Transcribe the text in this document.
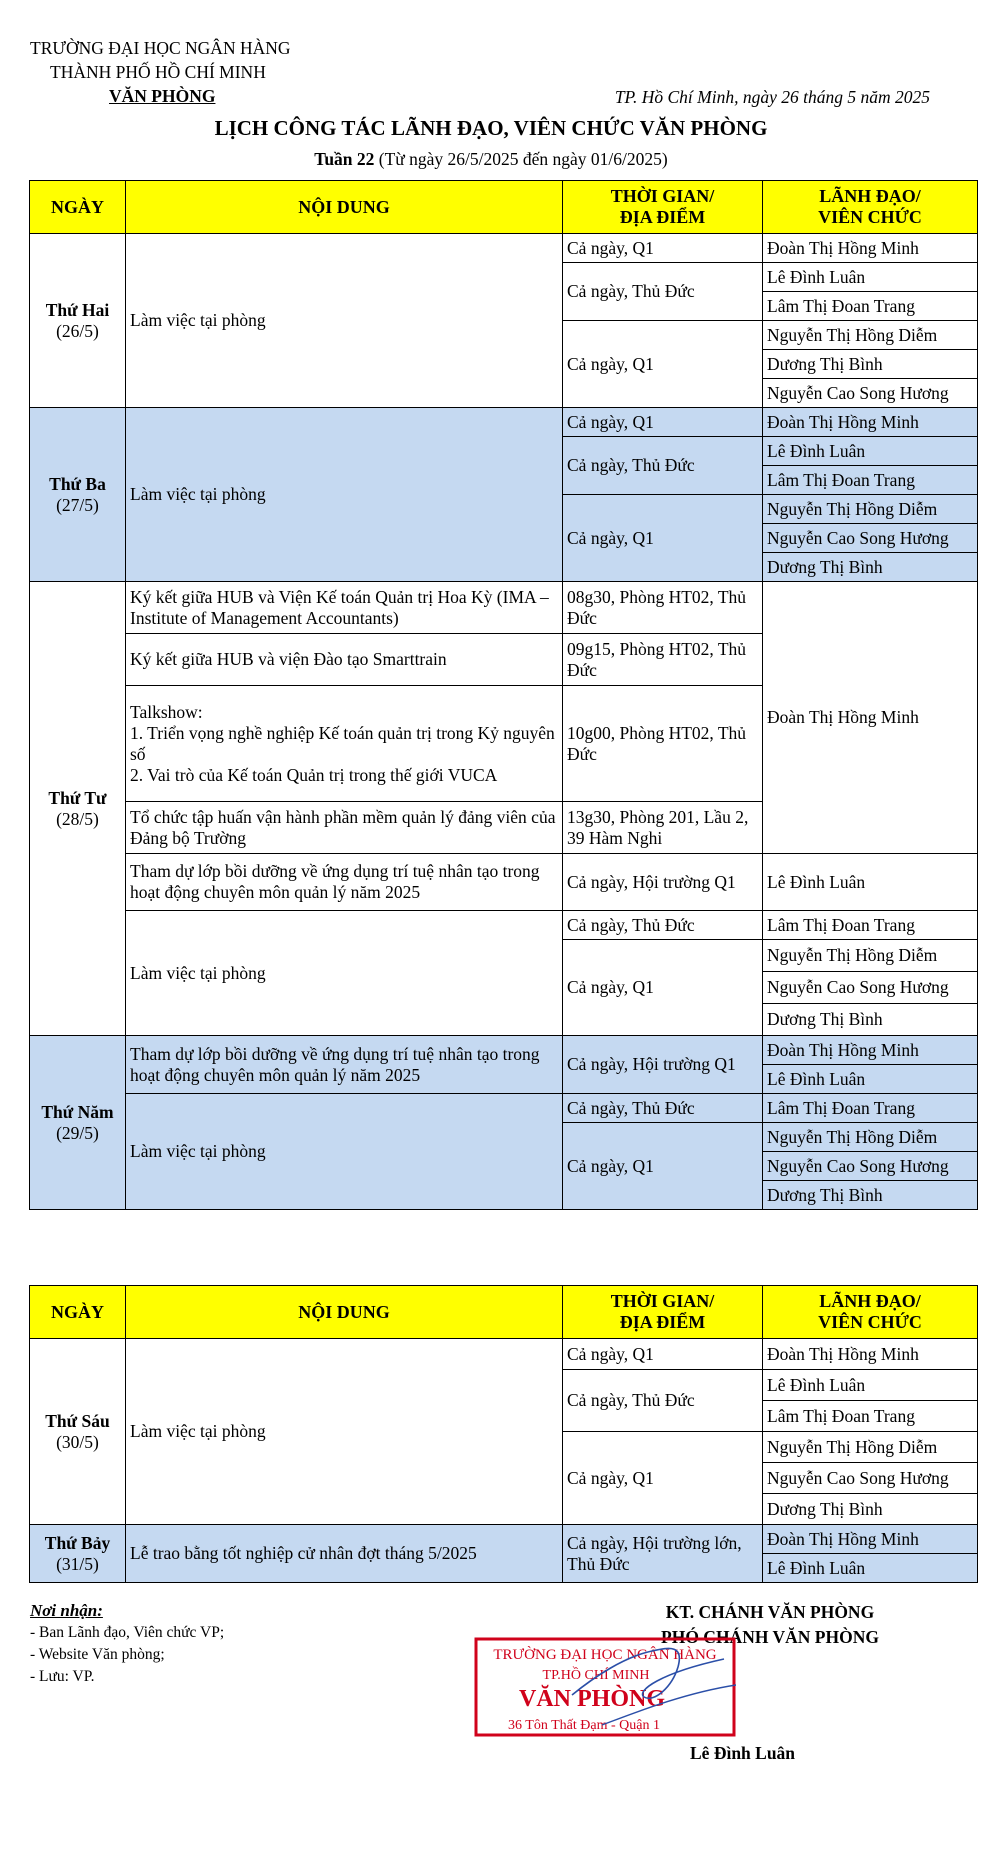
TRƯỜNG ĐẠI HỌC NGÂN HÀNG
THÀNH PHỐ HỒ CHÍ MINH
VĂN PHÒNG	TP. Hồ Chí Minh, ngày 26 tháng 5 năm 2025
LỊCH CÔNG TÁC LÃNH ĐẠO, VIÊN CHỨC VĂN PHÒNG
Tuần 22 (Từ ngày 26/5/2025 đến ngày 01/6/2025)
NGÀY	NỘI DUNG	THỜI GIAN/
ĐỊA ĐIỂM	LÃNH ĐẠO/
VIÊN CHỨC

Thứ Hai
(26/5)	Làm việc tại phòng	Cả ngày, Q1	Đoàn Thị Hồng Minh
		Cả ngày, Thủ Đức	Lê Đình Luân
			Lâm Thị Đoan Trang
		Cả ngày, Q1	Nguyễn Thị Hồng Diễm
			Dương Thị Bình
			Nguyễn Cao Song Hương

Thứ Ba
(27/5)	Làm việc tại phòng	Cả ngày, Q1	Đoàn Thị Hồng Minh
		Cả ngày, Thủ Đức	Lê Đình Luân
			Lâm Thị Đoan Trang
		Cả ngày, Q1	Nguyễn Thị Hồng Diễm
			Nguyễn Cao Song Hương
			Dương Thị Bình

Thứ Tư
(28/5)	Ký kết giữa HUB và Viện Kế toán Quản trị Hoa Kỳ (IMA – Institute of Management Accountants)	08g30, Phòng HT02, Thủ Đức	Đoàn Thị Hồng Minh
	Ký kết giữa HUB và viện Đào tạo Smarttrain	09g15, Phòng HT02, Thủ Đức	

	Talkshow:
1. Triển vọng nghề nghiệp Kế toán quản trị trong Kỷ nguyên số
2. Vai trò của Kế toán Quản trị trong thế giới VUCA	10g00, Phòng HT02, Thủ Đức	
	Tổ chức tập huấn vận hành phần mềm quản lý đảng viên của Đảng bộ Trường	13g30, Phòng 201, Lầu 2, 39 Hàm Nghi	
	Tham dự lớp bồi dưỡng về ứng dụng trí tuệ nhân tạo trong hoạt động chuyên môn quản lý năm 2025	Cả ngày, Hội trường Q1	Lê Đình Luân
	Làm việc tại phòng	Cả ngày, Thủ Đức	Lâm Thị Đoan Trang
		Cả ngày, Q1	Nguyễn Thị Hồng Diễm
			Nguyễn Cao Song Hương
			Dương Thị Bình

Thứ Năm
(29/5)	Tham dự lớp bồi dưỡng về ứng dụng trí tuệ nhân tạo trong hoạt động chuyên môn quản lý năm 2025	Cả ngày, Hội trường Q1	Đoàn Thị Hồng Minh
			Lê Đình Luân
	Làm việc tại phòng	Cả ngày, Thủ Đức	Lâm Thị Đoan Trang
		Cả ngày, Q1	Nguyễn Thị Hồng Diễm
			Nguyễn Cao Song Hương
			Dương Thị Bình
NGÀY	NỘI DUNG	THỜI GIAN/
ĐỊA ĐIỂM	LÃNH ĐẠO/
VIÊN CHỨC

Thứ Sáu
(30/5)	Làm việc tại phòng	Cả ngày, Q1	Đoàn Thị Hồng Minh
		Cả ngày, Thủ Đức	Lê Đình Luân
			Lâm Thị Đoan Trang
		Cả ngày, Q1	Nguyễn Thị Hồng Diễm
			Nguyễn Cao Song Hương
			Dương Thị Bình

Thứ Bảy
(31/5)	Lễ trao bằng tốt nghiệp cử nhân đợt tháng 5/2025	Cả ngày, Hội trường lớn, Thủ Đức	Đoàn Thị Hồng Minh
			Lê Đình Luân
Nơi nhận:
- Ban Lãnh đạo, Viên chức VP;
- Website Văn phòng;
- Lưu: VP.
KT. CHÁNH VĂN PHÒNG
PHÓ CHÁNH VĂN PHÒNG
TRƯỜNG ĐẠI HỌC NGÂN HÀNG
TP.HỒ CHÍ MINH
VĂN PHÒNG
36 Tôn Thất Đạm - Quận 1
Lê Đình Luân
